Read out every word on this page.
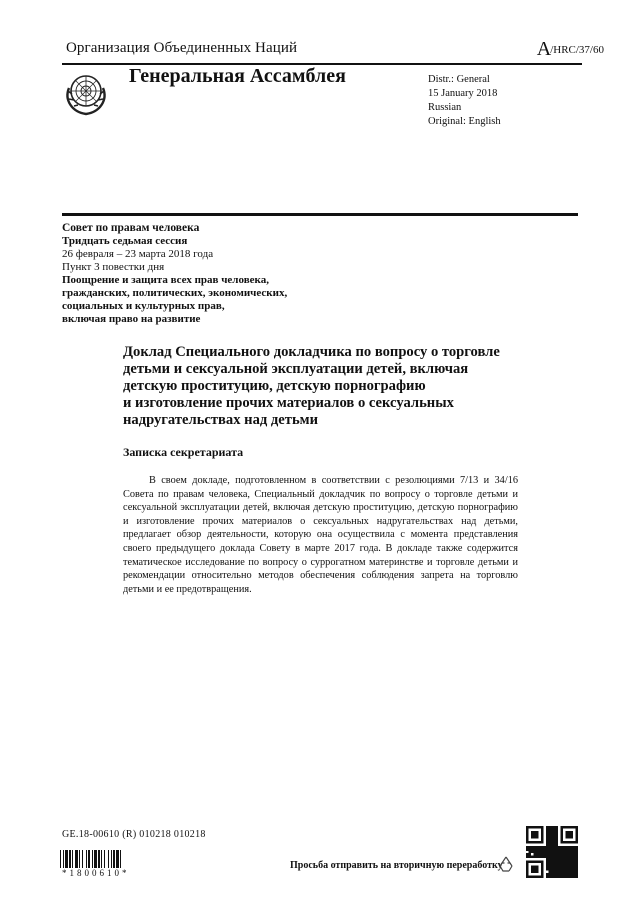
Организация Объединенных Наций	A/HRC/37/60
Генеральная Ассамблея	Distr.: General
15 January 2018
Russian
Original: English
Совет по правам человека
Тридцать седьмая сессия
26 февраля – 23 марта 2018 года
Пункт 3 повестки дня
Поощрение и защита всех прав человека,
гражданских, политических, экономических,
социальных и культурных прав,
включая право на развитие
Доклад Специального докладчика по вопросу о торговле
детьми и сексуальной эксплуатации детей, включая
детскую проституцию, детскую порнографию
и изготовление прочих материалов о сексуальных
надругательствах над детьми
Записка секретариата
В своем докладе, подготовленном в соответствии с резолюциями 7/13 и 34/16 Совета по правам человека, Специальный докладчик по вопросу о торговле детьми и сексуальной эксплуатации детей, включая детскую проституцию, детскую порнографию и изготовление прочих материалов о сексуальных надругательствах над детьми, предлагает обзор деятельности, которую она осуществила с момента представления своего предыдущего доклада Совету в марте 2017 года. В докладе также содержится тематическое исследование по вопросу о суррогатном материнстве и торговле детьми и рекомендации относительно методов обеспечения соблюдения запрета на торговлю детьми и ее предотвращения.
GE.18-00610 (R) 010218 010218
*1800610*
Просьба отправить на вторичную переработку
